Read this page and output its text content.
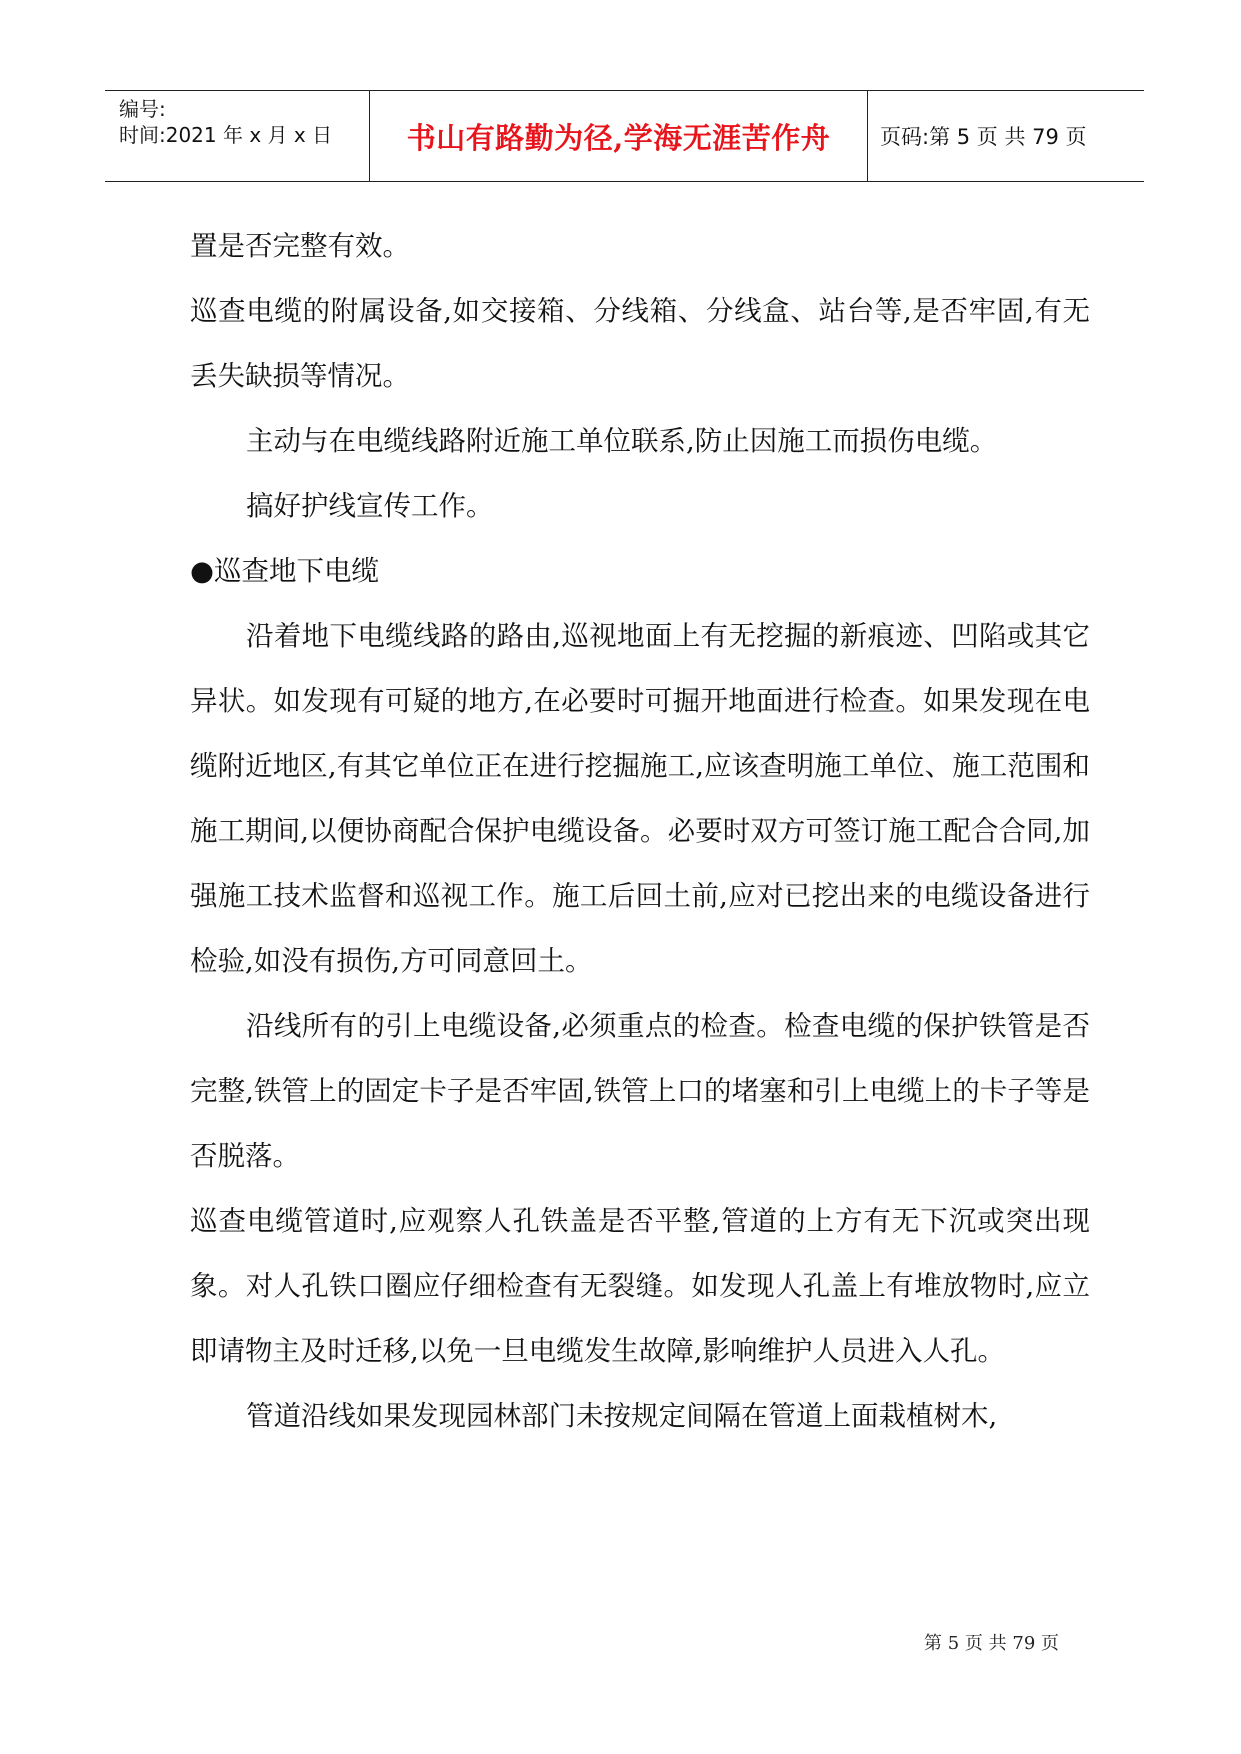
编号:
时间:2021 年 x 月 x 日	书山有路勤为径,学海无涯苦作舟 页码:第 5 页 共 79 页

置是否完整有效。

巡查电缆的附属设备,如交接箱、分线箱、分线盒、站台等,是否牢固,有无丢失缺损等情况。

主动与在电缆线路附近施工单位联系,防止因施工而损伤电缆。

搞好护线宣传工作。

●巡查地下电缆

沿着地下电缆线路的路由,巡视地面上有无挖掘的新痕迹、凹陷或其它异状。如发现有可疑的地方,在必要时可掘开地面进行检查。如果发现在电缆附近地区,有其它单位正在进行挖掘施工,应该查明施工单位、施工范围和施工期间,以便协商配合保护电缆设备。必要时双方可签订施工配合合同,加强施工技术监督和巡视工作。施工后回土前,应对已挖出来的电缆设备进行检验,如没有损伤,方可同意回土。

沿线所有的引上电缆设备,必须重点的检查。检查电缆的保护铁管是否完整,铁管上的固定卡子是否牢固,铁管上口的堵塞和引上电缆上的卡子等是否脱落。

巡查电缆管道时,应观察人孔铁盖是否平整,管道的上方有无下沉或突出现象。对人孔铁口圈应仔细检查有无裂缝。如发现人孔盖上有堆放物时,应立即请物主及时迁移,以免一旦电缆发生故障,影响维护人员进入人孔。

管道沿线如果发现园林部门未按规定间隔在管道上面栽植树木,

第 5 页 共 79 页
